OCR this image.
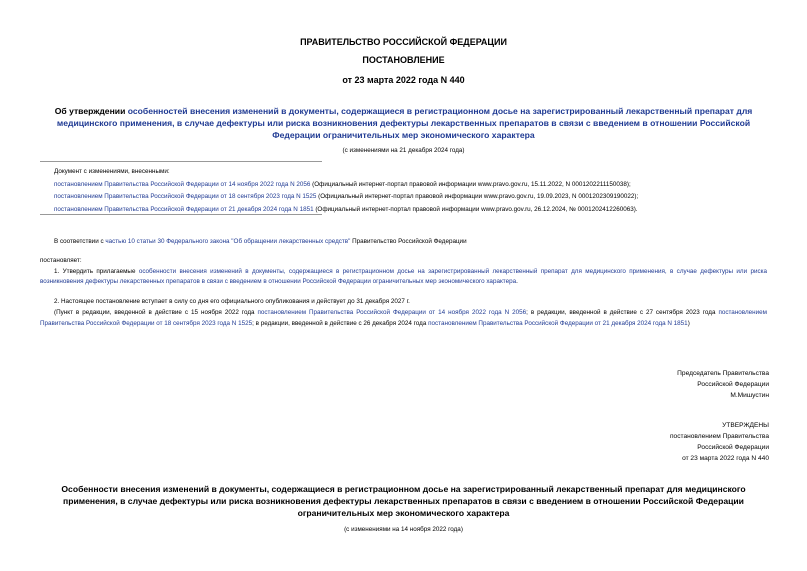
ПРАВИТЕЛЬСТВО РОССИЙСКОЙ ФЕДЕРАЦИИ
ПОСТАНОВЛЕНИЕ
от 23 марта 2022 года N 440
Об утверждении особенностей внесения изменений в документы, содержащиеся в регистрационном досье на зарегистрированный лекарственный препарат для медицинского применения, в случае дефектуры или риска возникновения дефектуры лекарственных препаратов в связи с введением в отношении Российской Федерации ограничительных мер экономического характера
(с изменениями на 21 декабря 2024 года)
Документ с изменениями, внесенными:
постановлением Правительства Российской Федерации от 14 ноября 2022 года N 2056 (Официальный интернет-портал правовой информации www.pravo.gov.ru, 15.11.2022, N 0001202211150038);
постановлением Правительства Российской Федерации от 18 сентября 2023 года N 1525 (Официальный интернет-портал правовой информации www.pravo.gov.ru, 19.09.2023, N 0001202309190022);
постановлением Правительства Российской Федерации от 21 декабря 2024 года N 1851 (Официальный интернет-портал правовой информации www.pravo.gov.ru, 26.12.2024, № 0001202412260063).
В соответствии с частью 10 статьи 30 Федерального закона "Об обращении лекарственных средств" Правительство Российской Федерации
постановляет:
1. Утвердить прилагаемые особенности внесения изменений в документы, содержащиеся в регистрационном досье на зарегистрированный лекарственный препарат для медицинского применения, в случае дефектуры или риска возникновения дефектуры лекарственных препаратов в связи с введением в отношении Российской Федерации ограничительных мер экономического характера.
2. Настоящее постановление вступает в силу со дня его официального опубликования и действует до 31 декабря 2027 г.
(Пункт в редакции, введенной в действие с 15 ноября 2022 года постановлением Правительства Российской Федерации от 14 ноября 2022 года N 2056; в редакции, введенной в действие с 27 сентября 2023 года постановлением Правительства Российской Федерации от 18 сентября 2023 года N 1525; в редакции, введенной в действие с 26 декабря 2024 года постановлением Правительства Российской Федерации от 21 декабря 2024 года N 1851)
Председатель Правительства
Российской Федерации
М.Мишустин
УТВЕРЖДЕНЫ
постановлением Правительства
Российской Федерации
от 23 марта 2022 года N 440
Особенности внесения изменений в документы, содержащиеся в регистрационном досье на зарегистрированный лекарственный препарат для медицинского применения, в случае дефектуры или риска возникновения дефектуры лекарственных препаратов в связи с введением в отношении Российской Федерации ограничительных мер экономического характера
(с изменениями на 14 ноября 2022 года)
